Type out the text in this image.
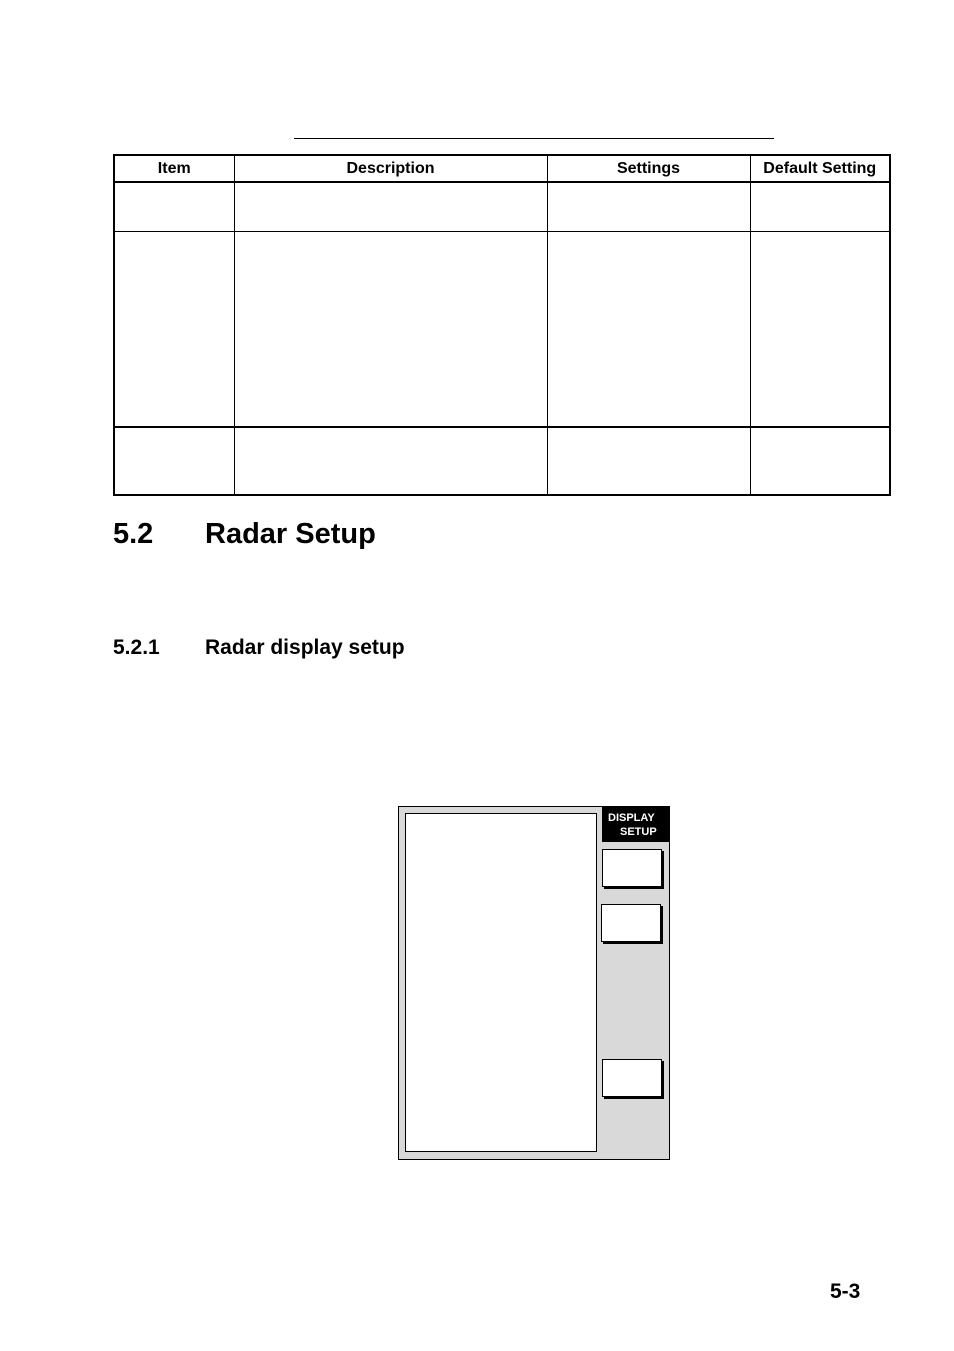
Item	Description	Settings	Default Setting

5.2 Radar Setup
5.2.1 Radar display setup
DISPLAY
SETUP
5-3
